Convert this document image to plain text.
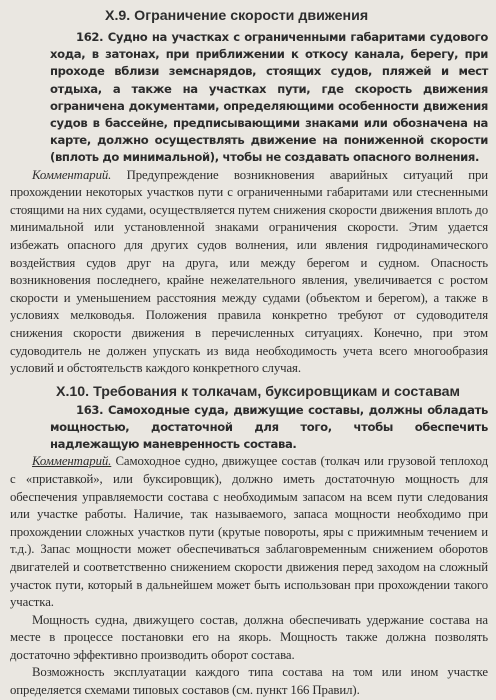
X.9. Ограничение скорости движения

162. Судно на участках с ограниченными габаритами судового хода, в затонах, при приближении к откосу канала, берегу, при проходе вблизи земснарядов, стоящих судов, пляжей и мест отдыха, а также на участках пути, где скорость движения ограничена документами, определяющими особенности движения судов в бассейне, предписывающими знаками или обозначена на карте, должно осуществлять движение на пониженной скорости (вплоть до минимальной), чтобы не создавать опасного волнения.

Комментарий. Предупреждение возникновения аварийных ситуаций при прохождении некоторых участков пути с ограниченными габаритами или стесненными стоящими на них судами, осуществляется путем снижения скорости движения вплоть до минимальной или установленной знаками ограничения скорости. Этим удается избежать опасного для других судов волнения, или явления гидродинамического воздействия судов друг на друга, или между берегом и судном. Опасность возникновения последнего, крайне нежелательного явления, увеличивается с ростом скорости и уменьшением расстояния между судами (объектом и берегом), а также в условиях мелководья. Положения правила конкретно требуют от судоводителя снижения скорости движения в перечисленных ситуациях. Конечно, при этом судоводитель не должен упускать из вида необходимость учета всего многообразия условий и обстоятельств каждого конкретного случая.

X.10. Требования к толкачам, буксировщикам и составам

163. Самоходные суда, движущие составы, должны обладать мощностью, достаточной для того, чтобы обеспечить надлежащую маневренность состава.

Комментарий. Самоходное судно, движущее состав (толкач или грузовой теплоход с «приставкой», или буксировщик), должно иметь достаточную мощность для обеспечения управляемости состава с необходимым запасом на всем пути следования или участке работы. Наличие, так называемого, запаса мощности необходимо при прохождении сложных участков пути (крутые повороты, яры с прижимным течением и т.д.). Запас мощности может обеспечиваться заблаговременным снижением оборотов двигателей и соответственно снижением скорости движения перед заходом на сложный участок пути, который в дальнейшем может быть использован при прохождении такого участка.

Мощность судна, движущего состав, должна обеспечивать удержание состава на месте в процессе постановки его на якорь. Мощность также должна позволять достаточно эффективно производить оборот состава.

Возможность эксплуатации каждого типа состава на том или ином участке определяется схемами типовых составов (см. пункт 166 Правил).
